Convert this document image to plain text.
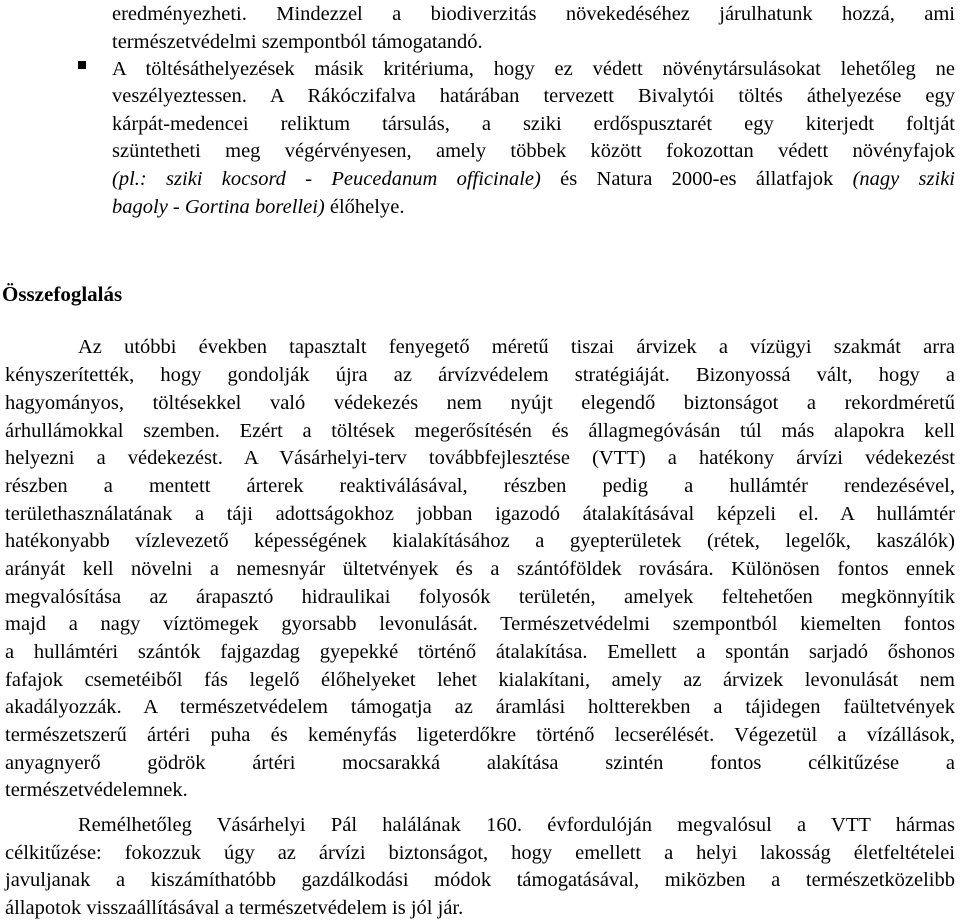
eredményezheti. Mindezzel a biodiverzitás növekedéséhez járulhatunk hozzá, ami
természetvédelmi szempontból támogatandó.
A töltésáthelyezések másik kritériuma, hogy ez védett növénytársulásokat lehetőleg ne
veszélyeztessen. A Rákóczifalva határában tervezett Bivalytói töltés áthelyezése egy
kárpát-medencei reliktum társulás, a sziki erdőspusztarét egy kiterjedt foltját
szüntetheti meg végérvényesen, amely többek között fokozottan védett növényfajok
(pl.: sziki kocsord - Peucedanum officinale) és Natura 2000-es állatfajok (nagy sziki
bagoly - Gortina borellei) élőhelye.
Összefoglalás
Az utóbbi években tapasztalt fenyegető méretű tiszai árvizek a vízügyi szakmát arra
kényszerítették, hogy gondolják újra az árvízvédelem stratégiáját. Bizonyossá vált, hogy a
hagyományos, töltésekkel való védekezés nem nyújt elegendő biztonságot a rekordméretű
árhullámokkal szemben. Ezért a töltések megerősítésén és állagmegóvásán túl más alapokra kell
helyezni a védekezést. A Vásárhelyi-terv továbbfejlesztése (VTT) a hatékony árvízi védekezést
részben a mentett árterek reaktiválásával, részben pedig a hullámtér rendezésével,
területhasználatának a táji adottságokhoz jobban igazodó átalakításával képzeli el. A hullámtér
hatékonyabb vízlevezető képességének kialakításához a gyepterületek (rétek, legelők, kaszálók)
arányát kell növelni a nemesnyár ültetvények és a szántóföldek rovására. Különösen fontos ennek
megvalósítása az árapasztó hidraulikai folyosók területén, amelyek feltehetően megkönnyítik
majd a nagy víztömegek gyorsabb levonulását. Természetvédelmi szempontból kiemelten fontos
a hullámtéri szántók fajgazdag gyepekké történő átalakítása. Emellett a spontán sarjadó őshonos
fafajok csemetéiből fás legelő élőhelyeket lehet kialakítani, amely az árvizek levonulását nem
akadályozzák. A természetvédelem támogatja az áramlási holtterekben a tájidegen faültetvények
természetszerű ártéri puha és keményfás ligeterdőkre történő lecserélését. Végezetül a vízállások,
anyagnyerő gödrök ártéri mocsarakká alakítása szintén fontos célkitűzése a
természetvédelemnek.
Remélhetőleg Vásárhelyi Pál halálának 160. évfordulóján megvalósul a VTT hármas
célkitűzése: fokozzuk úgy az árvízi biztonságot, hogy emellett a helyi lakosság életfeltételei
javuljanak a kiszámíthatóbb gazdálkodási módok támogatásával, miközben a természetközelibb
állapotok visszaállításával a természetvédelem is jól jár.
